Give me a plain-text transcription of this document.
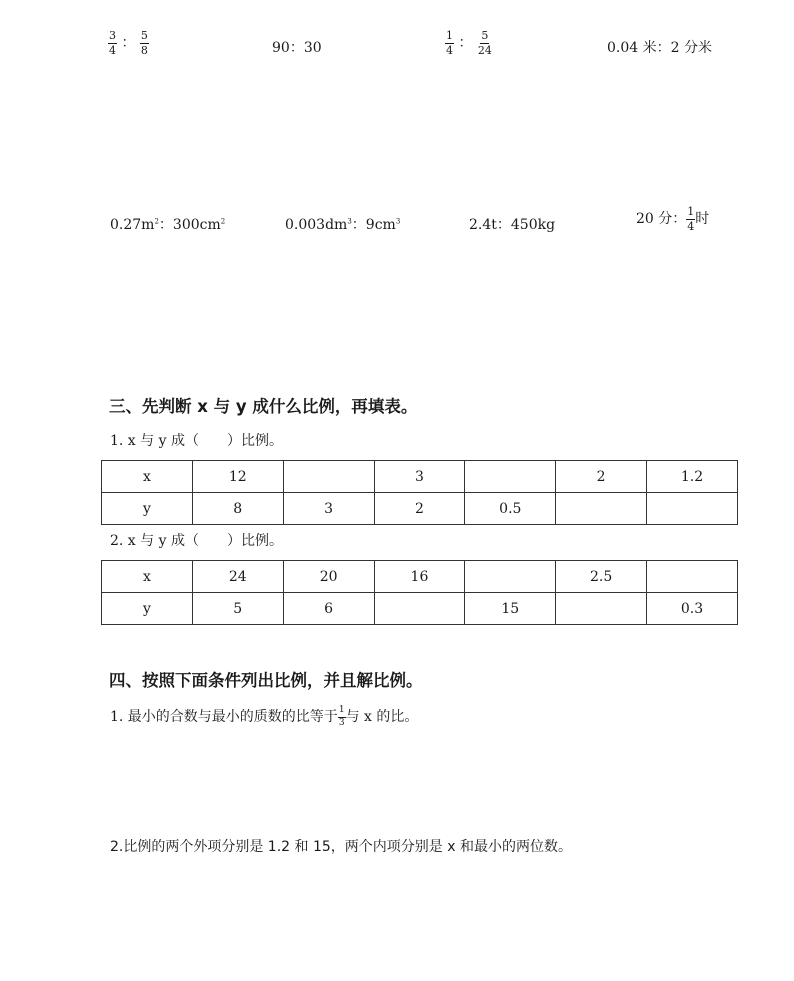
$\frac{3}{4}$ ： $\frac{5}{8}$	90：30	$\frac{1}{4}$ ： $\frac{5}{24}$	0.04 米：2 分米
$0.27m^2$：$300cm^2$	$0.003dm^3$：$9cm^3$	2.4t：450kg	20 分： $\frac{1}{4}$ 时
三、先判断 x 与 y 成什么比例，再填表。
1. x 与 y 成（　　）比例。
x	12		3		2	1.2
y	8	3	2	0.5		
2. x 与 y 成（　　）比例。
x	24	20	16		2.5	
y	5	6		15		0.3
四、按照下面条件列出比例，并且解比例。
1. 最小的合数与最小的质数的比等于 $\frac{1}{3}$ 与 x 的比。
2.比例的两个外项分别是 1.2 和 15，两个内项分别是 x 和最小的两位数。
